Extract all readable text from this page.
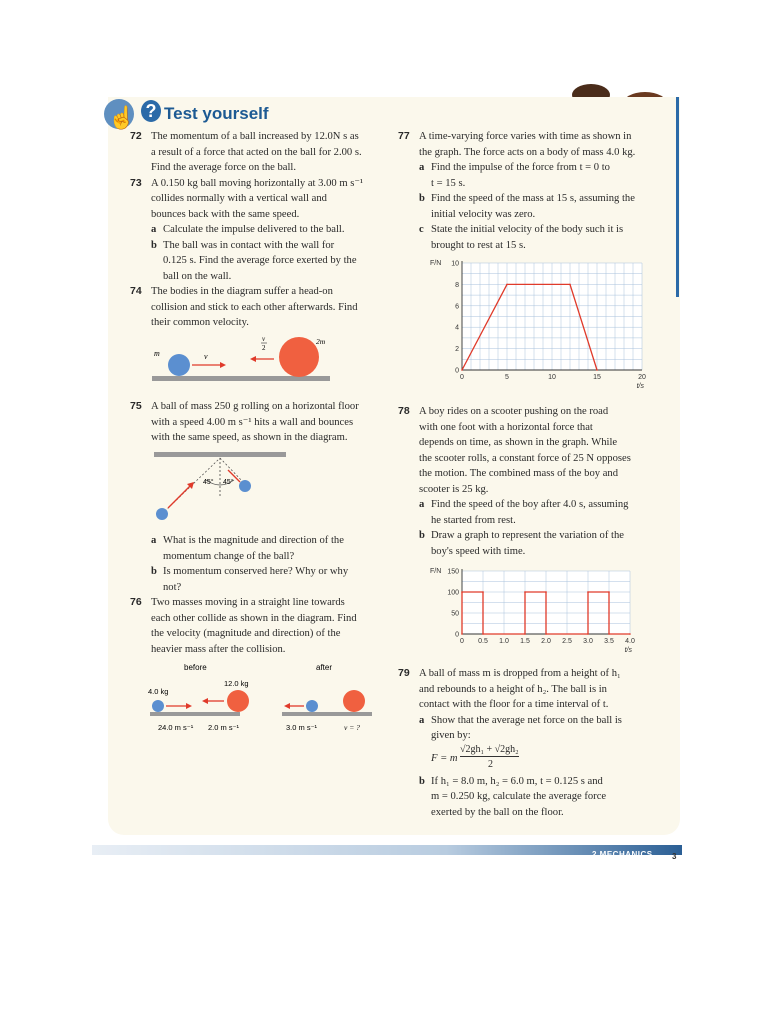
☝ ? Test yourself
72 The momentum of a ball increased by 12.0N s as
a result of a force that acted on the ball for 2.00 s.
Find the average force on the ball.
73 A 0.150 kg ball moving horizontally at 3.00 m s⁻¹
collides normally with a vertical wall and
bounces back with the same speed.
a Calculate the impulse delivered to the ball.
b The ball was in contact with the wall for
0.125 s. Find the average force exerted by the
ball on the wall.
74 The bodies in the diagram suffer a head-on
collision and stick to each other afterwards. Find
their common velocity.
m	v
v
2
2m
75 A ball of mass 250 g rolling on a horizontal floor
with a speed 4.00 m s⁻¹ hits a wall and bounces
with the same speed, as shown in the diagram.
45° 45°
a What is the magnitude and direction of the
momentum change of the ball?
b Is momentum conserved here? Why or why
not?
76 Two masses moving in a straight line towards
each other collide as shown in the diagram. Find
the velocity (magnitude and direction) of the
heavier mass after the collision.
before	after
12.0 kg
4.0 kg
24.0 m s⁻¹ 2.0 m s⁻¹	3.0 m s⁻¹	v = ?
77 A time-varying force varies with time as shown in
the graph. The force acts on a body of mass 4.0 kg.
a Find the impulse of the force from t = 0 to
t = 15 s.
b Find the speed of the mass at 15 s, assuming the
initial velocity was zero.
c State the initial velocity of the body such it is
brought to rest at 15 s.
0	5	10	15	20
0
2
4
6
8
10
F/N
t/s
78 A boy rides on a scooter pushing on the road
with one foot with a horizontal force that
depends on time, as shown in the graph. While
the scooter rolls, a constant force of 25 N opposes
the motion. The combined mass of the boy and
scooter is 25 kg.
a Find the speed of the boy after 4.0 s, assuming
he started from rest.
b Draw a graph to represent the variation of the
boy's speed with time.
0 0.5 1.0 1.5 2.0 2.5 3.0 3.5 4.0
0
50
100
150
F/N
t/s
79 A ball of mass m is dropped from a height of h₁
and rebounds to a height of h₂. The ball is in
contact with the floor for a time interval of t.
a Show that the average net force on the ball is
given by:
F = m
√2gh₁ + √2gh₂
2
b If h₁ = 8.0 m, h₂ = 6.0 m, t = 0.125 s and
m = 0.250 kg, calculate the average force
exerted by the ball on the floor.
2 MECHANICS 3
